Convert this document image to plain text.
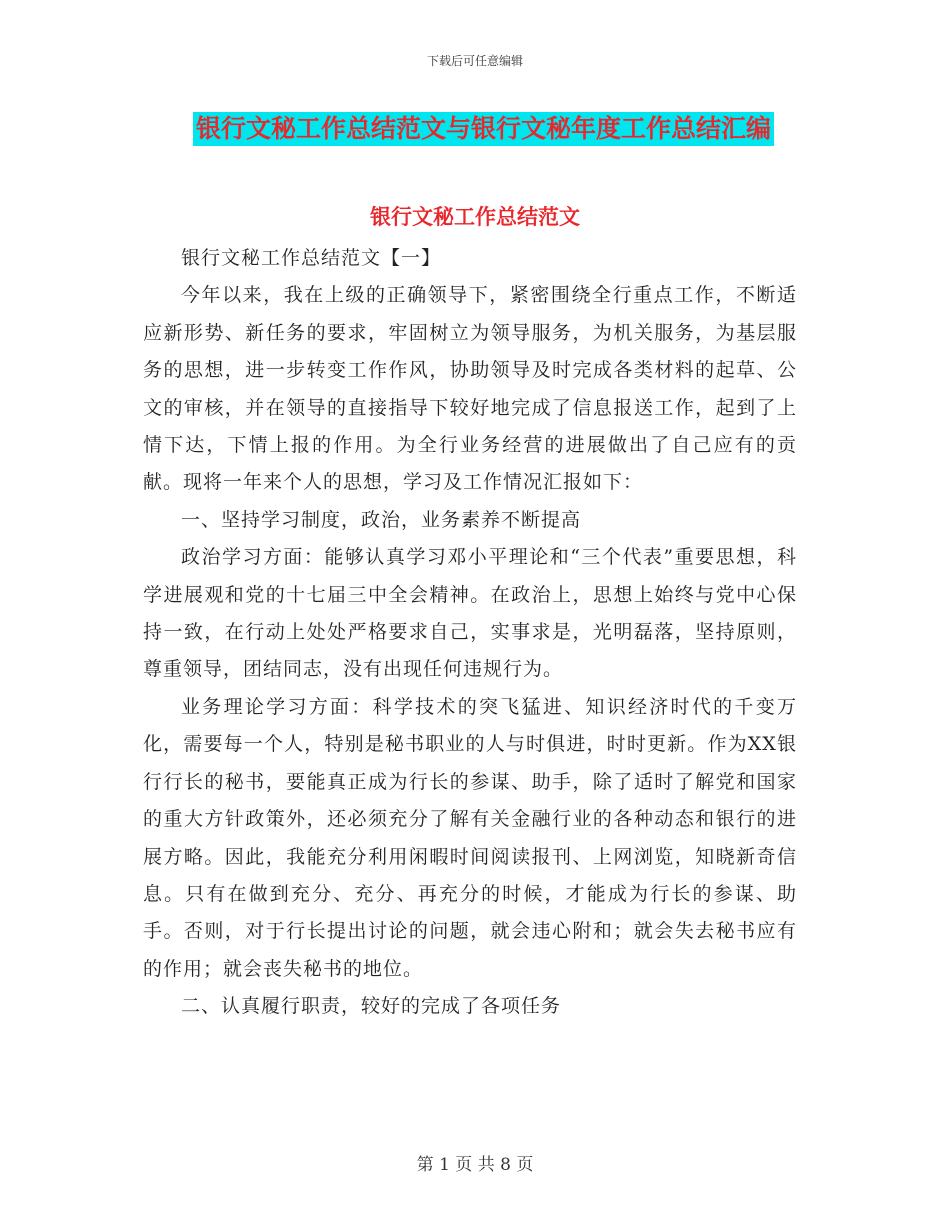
下载后可任意编辑
银行文秘工作总结范文与银行文秘年度工作总结汇编
银行文秘工作总结范文

银行文秘工作总结范文【一】

今年以来，我在上级的正确领导下，紧密围绕全行重点工作，不断适应新形势、新任务的要求，牢固树立为领导服务，为机关服务，为基层服务的思想，进一步转变工作作风，协助领导及时完成各类材料的起草、公文的审核，并在领导的直接指导下较好地完成了信息报送工作，起到了上情下达，下情上报的作用。为全行业务经营的进展做出了自己应有的贡献。现将一年来个人的思想，学习及工作情况汇报如下：

一、坚持学习制度，政治，业务素养不断提高

政治学习方面：能够认真学习邓小平理论和“三个代表”重要思想，科学进展观和党的十七届三中全会精神。在政治上，思想上始终与党中心保持一致，在行动上处处严格要求自己，实事求是，光明磊落，坚持原则，尊重领导，团结同志，没有出现任何违规行为。

业务理论学习方面：科学技术的突飞猛进、知识经济时代的千变万化，需要每一个人，特别是秘书职业的人与时俱进，时时更新。作为XX银行行长的秘书，要能真正成为行长的参谋、助手，除了适时了解党和国家的重大方针政策外，还必须充分了解有关金融行业的各种动态和银行的进展方略。因此，我能充分利用闲暇时间阅读报刊、上网浏览，知晓新奇信息。只有在做到充分、充分、再充分的时候，才能成为行长的参谋、助手。否则，对于行长提出讨论的问题，就会违心附和；就会失去秘书应有的作用；就会丧失秘书的地位。

二、认真履行职责，较好的完成了各项任务

第 1 页 共 8 页
